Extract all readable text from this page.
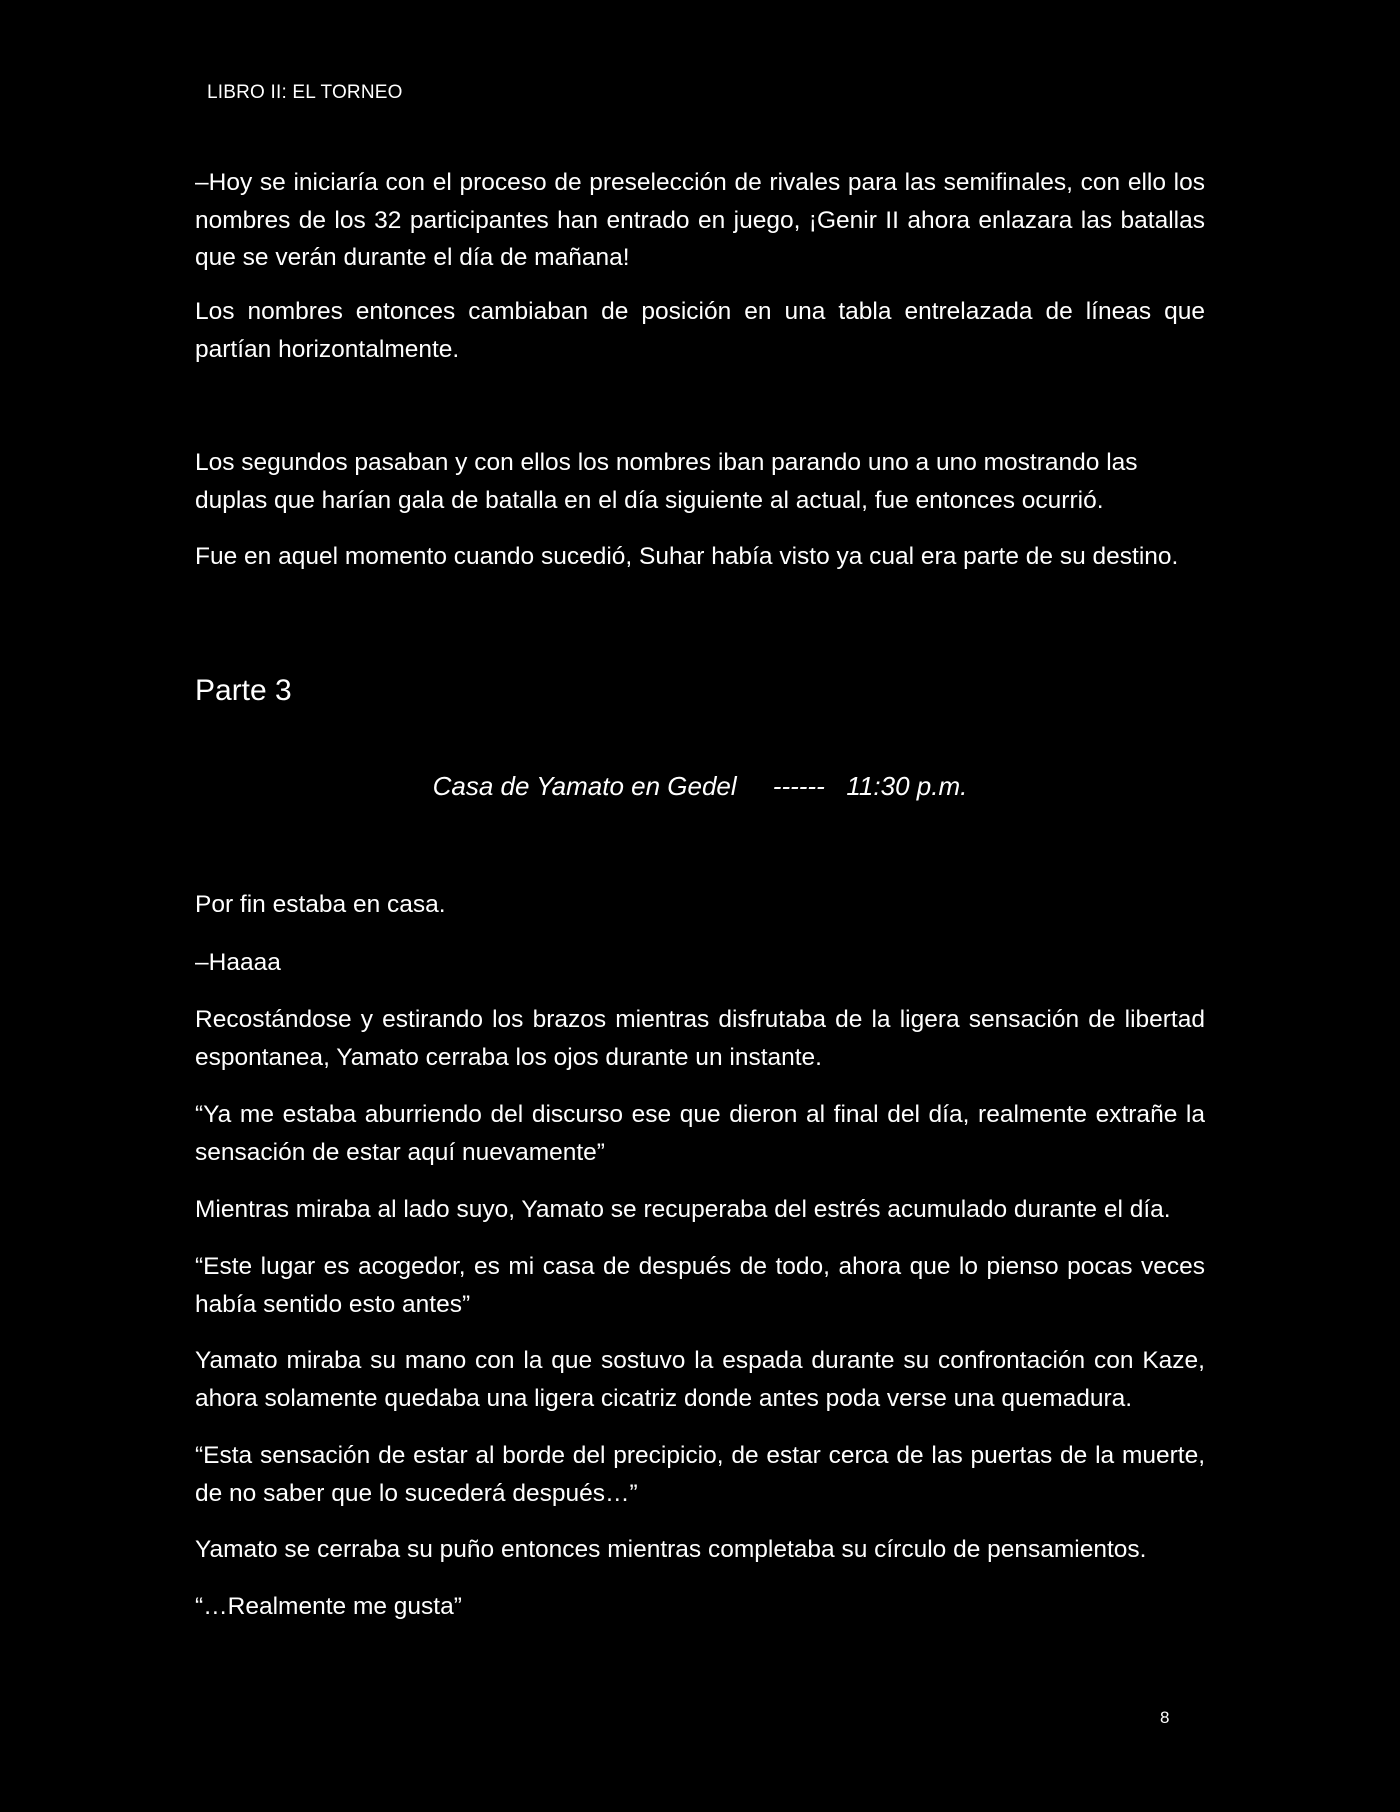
LIBRO II: EL TORNEO

–Hoy se iniciaría con el proceso de preselección de rivales para las semifinales, con ello los nombres de los 32 participantes han entrado en juego, ¡Genir II ahora enlazara las batallas que se verán durante el día de mañana!

Los nombres entonces cambiaban de posición en una tabla entrelazada de líneas que partían horizontalmente.

Los segundos pasaban y con ellos los nombres iban parando uno a uno mostrando las duplas que harían gala de batalla en el día siguiente al actual, fue entonces ocurrió.

Fue en aquel momento cuando sucedió, Suhar había visto ya cual era parte de su destino.

Parte 3
Casa de Yamato en Gedel ------ 11:30 p.m.

Por fin estaba en casa.

–Haaaa

Recostándose y estirando los brazos mientras disfrutaba de la ligera sensación de libertad espontanea, Yamato cerraba los ojos durante un instante.

“Ya me estaba aburriendo del discurso ese que dieron al final del día, realmente extrañe la sensación de estar aquí nuevamente”

Mientras miraba al lado suyo, Yamato se recuperaba del estrés acumulado durante el día.

“Este lugar es acogedor, es mi casa de después de todo, ahora que lo pienso pocas veces había sentido esto antes”

Yamato miraba su mano con la que sostuvo la espada durante su confrontación con Kaze, ahora solamente quedaba una ligera cicatriz donde antes poda verse una quemadura.

“Esta sensación de estar al borde del precipicio, de estar cerca de las puertas de la muerte, de no saber que lo sucederá después…”

Yamato se cerraba su puño entonces mientras completaba su círculo de pensamientos.

“…Realmente me gusta”

8
